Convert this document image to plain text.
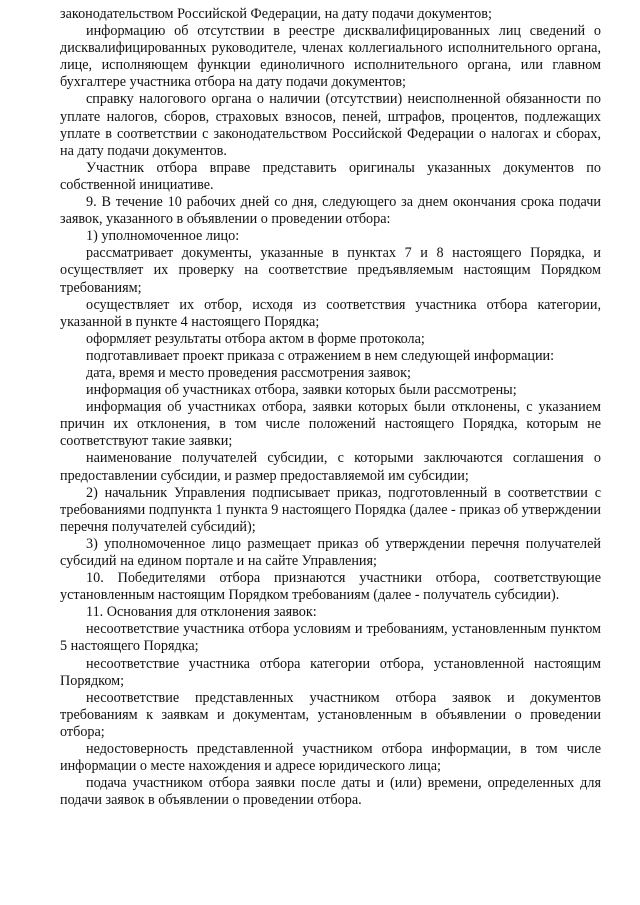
законодательством Российской Федерации, на дату подачи документов;

информацию об отсутствии в реестре дисквалифицированных лиц сведений о дисквалифицированных руководителе, членах коллегиального исполнительного органа, лице, исполняющем функции единоличного исполнительного органа, или главном бухгалтере участника отбора на дату подачи документов;

справку налогового органа о наличии (отсутствии) неисполненной обязанности по уплате налогов, сборов, страховых взносов, пеней, штрафов, процентов, подлежащих уплате в соответствии с законодательством Российской Федерации о налогах и сборах, на дату подачи документов.

Участник отбора вправе представить оригиналы указанных документов по собственной инициативе.

9. В течение 10 рабочих дней со дня, следующего за днем окончания срока подачи заявок, указанного в объявлении о проведении отбора:

1) уполномоченное лицо:

рассматривает документы, указанные в пунктах 7 и 8 настоящего Порядка, и осуществляет их проверку на соответствие предъявляемым настоящим Порядком требованиям;

осуществляет их отбор, исходя из соответствия участника отбора категории, указанной в пункте 4 настоящего Порядка;

оформляет результаты отбора актом в форме протокола;

подготавливает проект приказа с отражением в нем следующей информации:

дата, время и место проведения рассмотрения заявок;

информация об участниках отбора, заявки которых были рассмотрены;

информация об участниках отбора, заявки которых были отклонены, с указанием причин их отклонения, в том числе положений настоящего Порядка, которым не соответствуют такие заявки;

наименование получателей субсидии, с которыми заключаются соглашения о предоставлении субсидии, и размер предоставляемой им субсидии;

2) начальник Управления подписывает приказ, подготовленный в соответствии с требованиями подпункта 1 пункта 9 настоящего Порядка (далее - приказ об утверждении перечня получателей субсидий);

3) уполномоченное лицо размещает приказ об утверждении перечня получателей субсидий на едином портале и на сайте Управления;

10. Победителями отбора признаются участники отбора, соответствующие установленным настоящим Порядком требованиям (далее - получатель субсидии).

11. Основания для отклонения заявок:

несоответствие участника отбора условиям и требованиям, установленным пунктом 5 настоящего Порядка;

несоответствие участника отбора категории отбора, установленной настоящим Порядком;

несоответствие представленных участником отбора заявок и документов требованиям к заявкам и документам, установленным в объявлении о проведении отбора;

недостоверность представленной участником отбора информации, в том числе информации о месте нахождения и адресе юридического лица;

подача участником отбора заявки после даты и (или) времени, определенных для подачи заявок в объявлении о проведении отбора.
